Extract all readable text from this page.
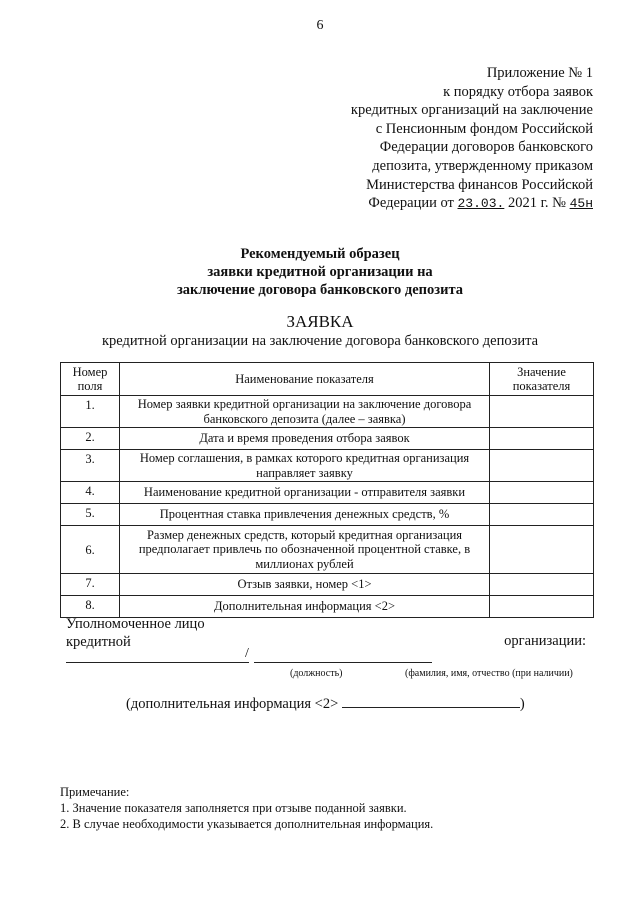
6
Приложение № 1
к порядку отбора заявок
кредитных организаций на заключение
с Пенсионным фондом Российской
Федерации договоров банковского
депозита, утвержденному приказом
Министерства финансов Российской
Федерации от 23.03. 2021 г. № 45н
Рекомендуемый образец
заявки кредитной организации на
заключение договора банковского депозита
ЗАЯВКА
кредитной организации на заключение договора банковского депозита
Номер поля	Наименование показателя	Значение показателя
1.	Номер заявки кредитной организации на заключение договора банковского депозита (далее – заявка)	
2.	Дата и время проведения отбора заявок	
3.	Номер соглашения, в рамках которого кредитная организация направляет заявку	
4.	Наименование кредитной организации - отправителя заявки	
5.	Процентная ставка привлечения денежных средств, %	
6.	Размер денежных средств, который кредитная организация предполагает привлечь по обозначенной процентной ставке, в миллионах рублей	
7.	Отзыв заявки, номер <1>	
8.	Дополнительная информация <2>	
Уполномоченное лицо
кредитной	организации:
/
(должность)	(фамилия, имя, отчество (при наличии)
(дополнительная информация <2>	)
Примечание:
1. Значение показателя заполняется при отзыве поданной заявки.
2. В случае необходимости указывается дополнительная информация.
